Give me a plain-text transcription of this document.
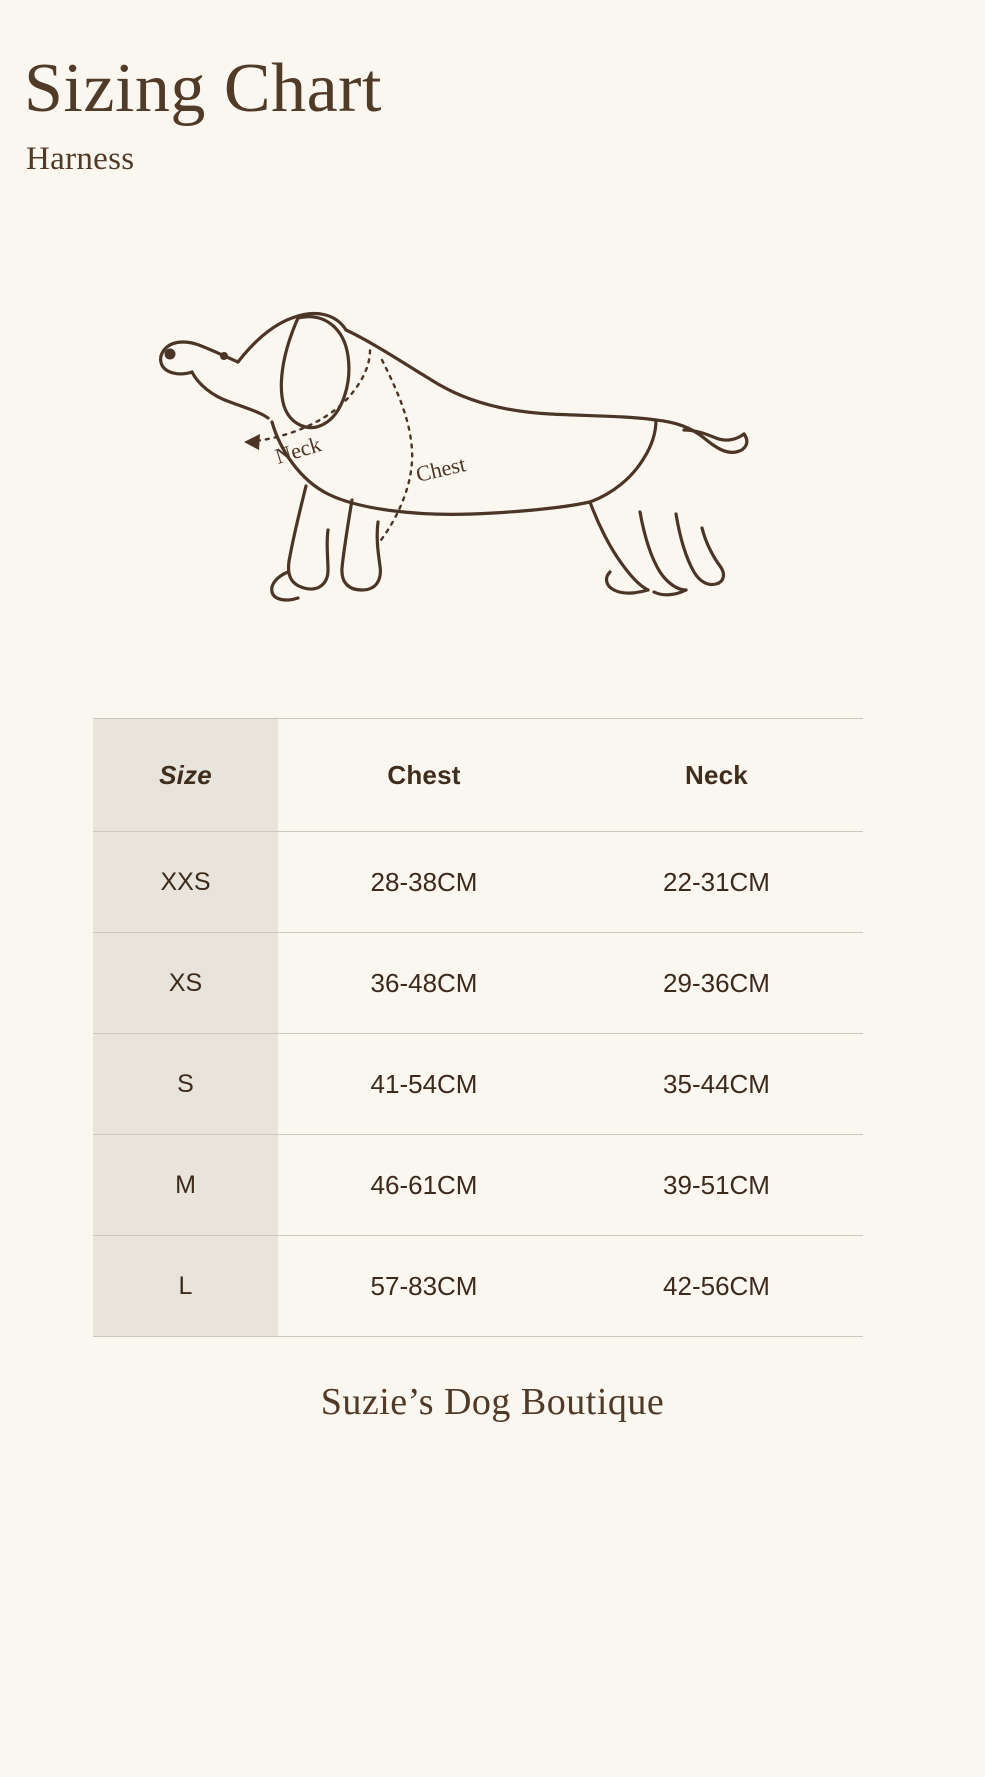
Sizing Chart
Harness
Neck
Chest
Size	Chest	Neck
XXS	28-38CM	22-31CM
XS	36-48CM	29-36CM
S	41-54CM	35-44CM
M	46-61CM	39-51CM
L	57-83CM	42-56CM
Suzie’s Dog Boutique
